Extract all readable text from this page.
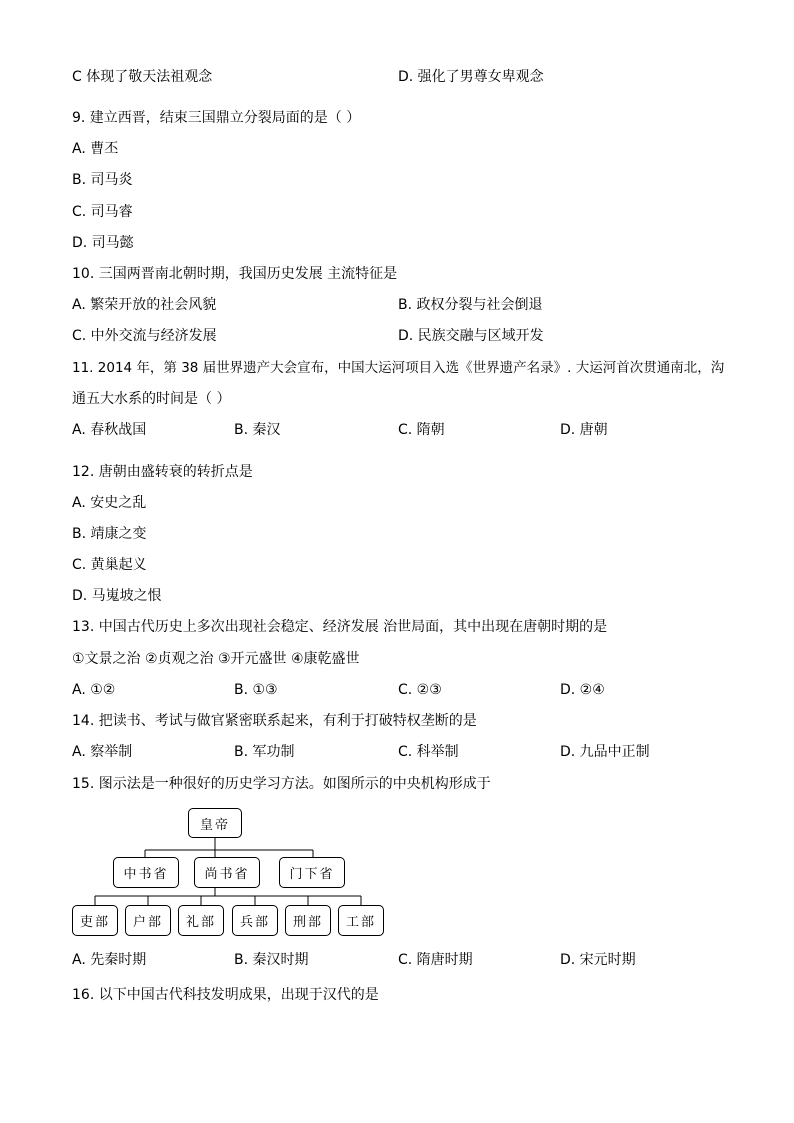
C 体现了敬天法祖观念	D. 强化了男尊女卑观念
9. 建立西晋，结束三国鼎立分裂局面的是（ ）
A. 曹丕
B. 司马炎
C. 司马睿
D. 司马懿
10. 三国两晋南北朝时期，我国历史发展 主流特征是
A. 繁荣开放的社会风貌	B. 政权分裂与社会倒退
C. 中外交流与经济发展	D. 民族交融与区域开发
11. 2014 年，第 38 届世界遗产大会宣布，中国大运河项目入选《世界遗产名录》. 大运河首次贯通南北，沟
通五大水系的时间是（ ）
A. 春秋战国	B. 秦汉	C. 隋朝	D. 唐朝
12. 唐朝由盛转衰的转折点是
A. 安史之乱
B. 靖康之变
C. 黄巢起义
D. 马嵬坡之恨
13. 中国古代历史上多次出现社会稳定、经济发展 治世局面，其中出现在唐朝时期的是
①文景之治 ②贞观之治 ③开元盛世 ④康乾盛世
A. ①②	B. ①③	C. ②③	D. ②④
14. 把读书、考试与做官紧密联系起来，有利于打破特权垄断的是
A. 察举制	B. 军功制	C. 科举制	D. 九品中正制
15. 图示法是一种很好的历史学习方法。如图所示的中央机构形成于
皇帝
中书省	尚书省	门下省
吏部	户部	礼部	兵部	刑部	工部
A. 先秦时期	B. 秦汉时期	C. 隋唐时期	D. 宋元时期
16. 以下中国古代科技发明成果，出现于汉代的是
